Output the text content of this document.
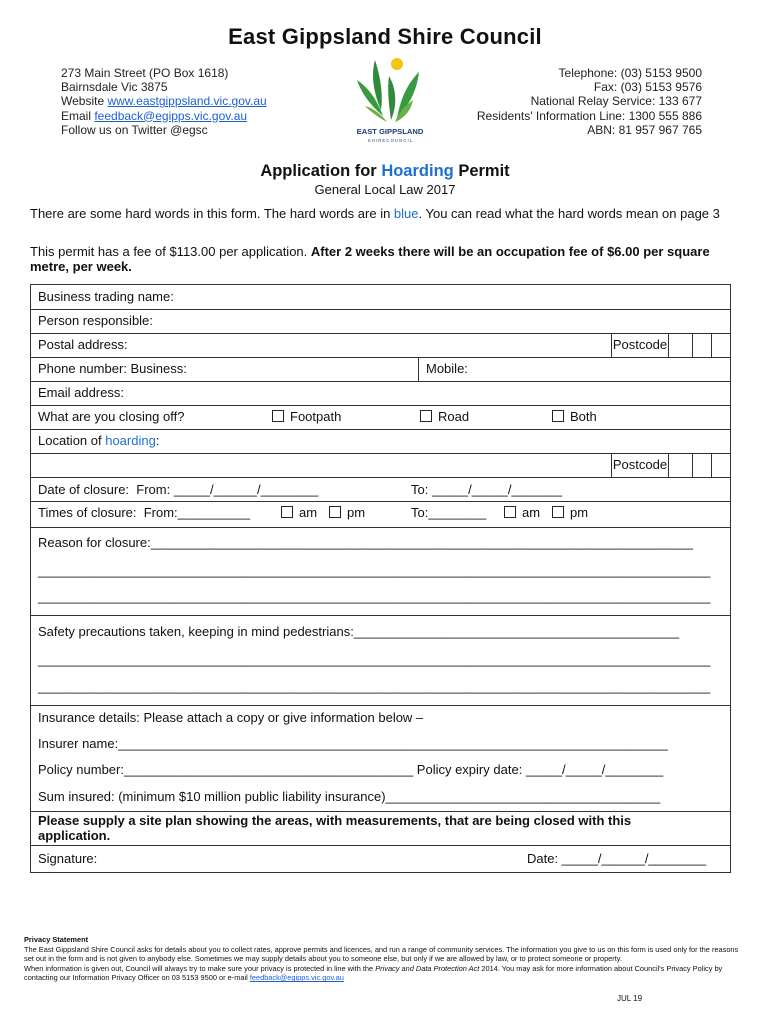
East Gippsland Shire Council
273 Main Street (PO Box 1618)
Bairnsdale Vic 3875
Website www.eastgippsland.vic.gov.au
Email feedback@egipps.vic.gov.au
Follow us on Twitter @egsc	EAST GIPPSLAND
S H I R E C O U N C I L
Telephone: (03) 5153 9500
Fax: (03) 5153 9576
National Relay Service: 133 677
Residents' Information Line: 1300 555 886
ABN: 81 957 967 765
Application for Hoarding Permit
General Local Law 2017
There are some hard words in this form. The hard words are in blue. You can read what the hard words mean on page 3
This permit has a fee of $113.00 per application. After 2 weeks there will be an occupation fee of $6.00 per square metre, per week.
Business trading name:
Person responsible:
Postal address:	Postcode
Phone number: Business:	Mobile:
Email address:
What are you closing off?	Footpath	Road	Both
Location of hoarding:
Postcode
Date of closure:  From: _____/______/________	To: _____/_____/_______
Times of closure:  From:__________	am	pm	To:________	am	pm
Reason for closure:___________________________________________________________________________
_____________________________________________________________________________________________
_____________________________________________________________________________________________
Safety precautions taken, keeping in mind pedestrians:_____________________________________________
_____________________________________________________________________________________________
_____________________________________________________________________________________________
Insurance details: Please attach a copy or give information below –
Insurer name:____________________________________________________________________________
Policy number:________________________________________ Policy expiry date: _____/_____/________
Sum insured: (minimum $10 million public liability insurance)______________________________________
Please supply a site plan showing the areas, with measurements, that are being closed with this application.
Signature:	Date: _____/______/________
Privacy Statement
The East Gippsland Shire Council asks for details about you to collect rates, approve permits and licences, and run a range of community services. The information you give to us on this form is used only for the reasons set out in the form and is not given to anybody else. Sometimes we may supply details about you to someone else, but only if we are allowed by law, or to protect someone or property.
When information is given out, Council will always try to make sure your privacy is protected in line with the Privacy and Data Protection Act 2014. You may ask for more information about Council's Privacy Policy by contacting our Information Privacy Officer on 03 5153 9500 or e-mail feedback@egipps.vic.gov.au
JUL 19
